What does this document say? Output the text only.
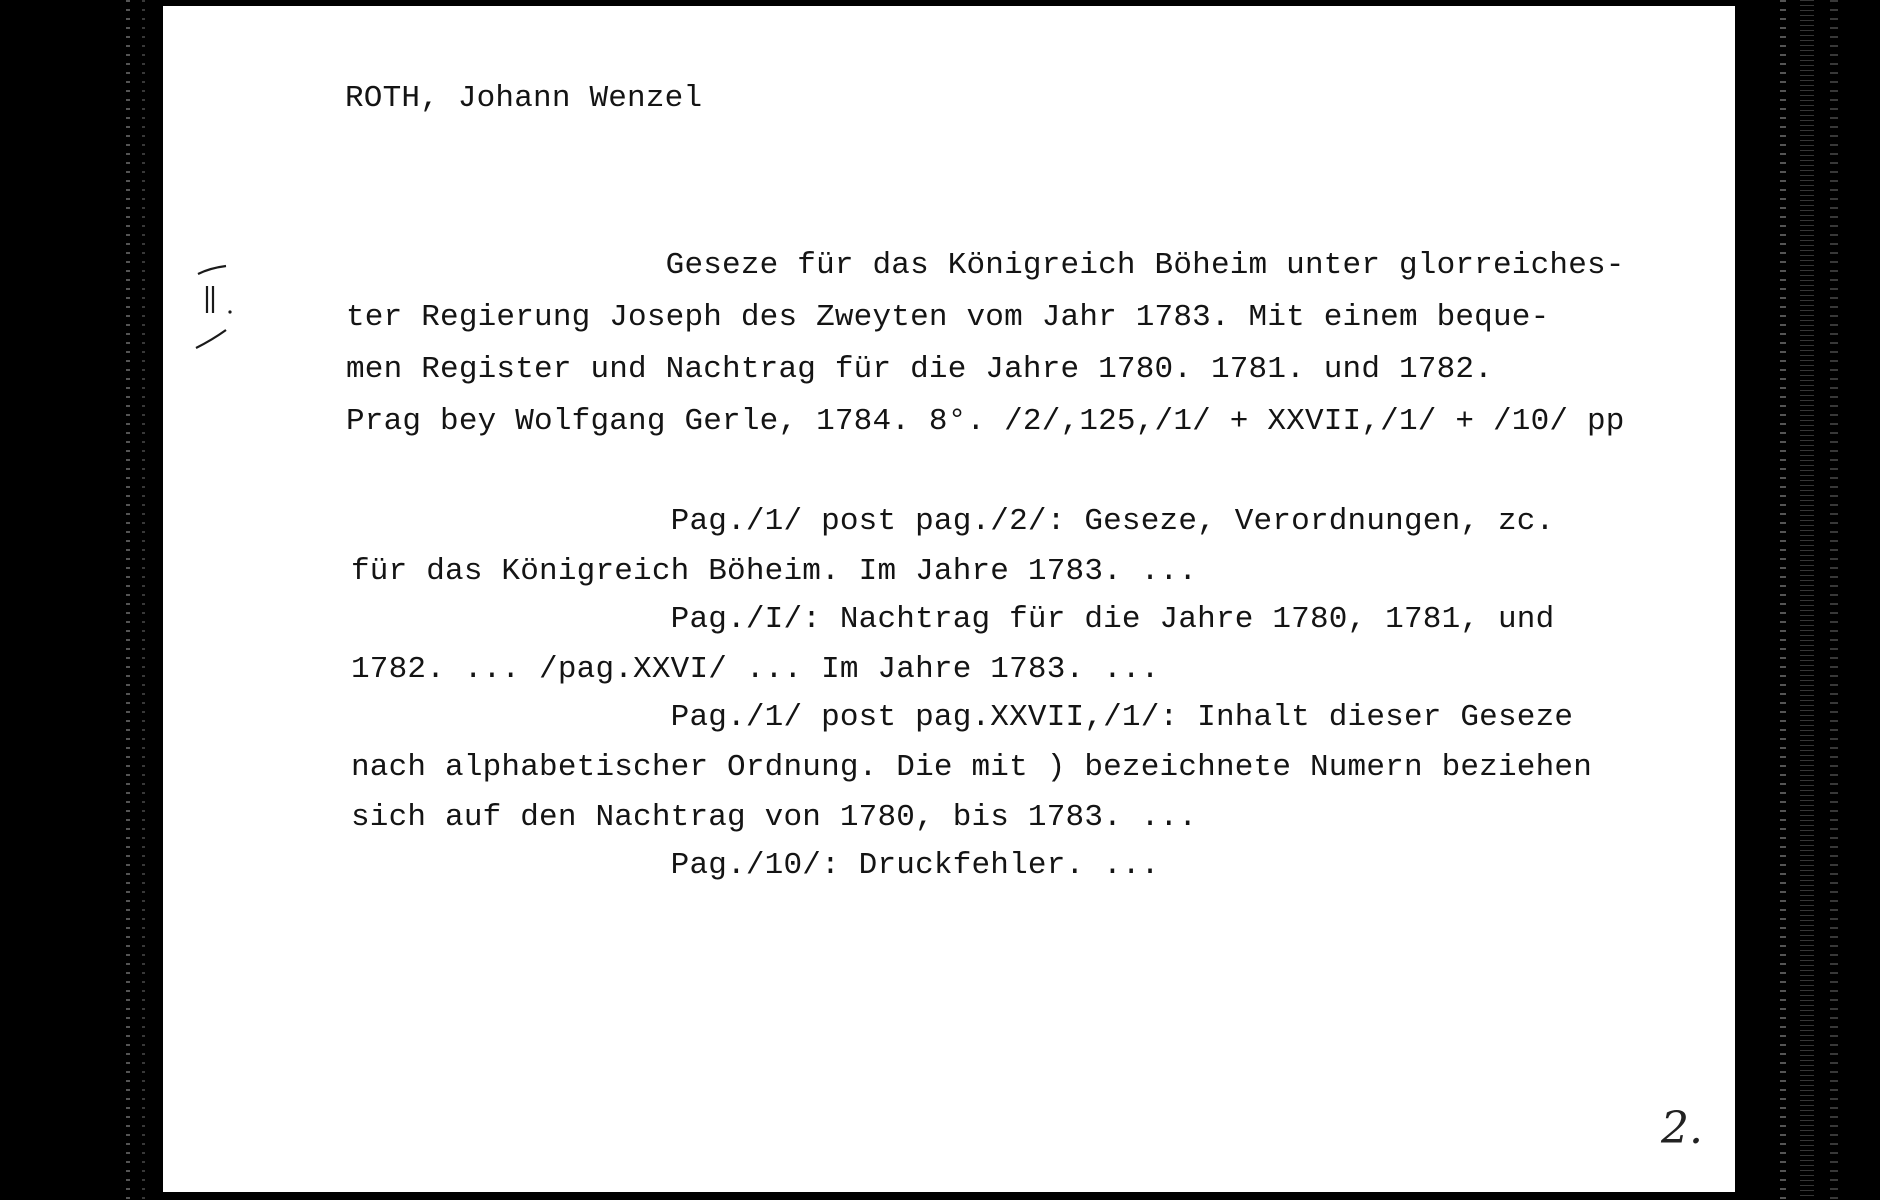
ROTH, Johann Wenzel
Geseze für das Königreich Böheim unter glorreiches-
ter Regierung Joseph des Zweyten vom Jahr 1783. Mit einem beque-
men Register und Nachtrag für die Jahre 1780. 1781. und 1782.
Prag bey Wolfgang Gerle, 1784. 8°. /2/,125,/1/ + XXVII,/1/ + /10/ pp
Pag./1/ post pag./2/: Geseze, Verordnungen, zc.
für das Königreich Böheim. Im Jahre 1783. ...
Pag./I/: Nachtrag für die Jahre 1780, 1781, und
1782. ... /pag.XXVI/ ... Im Jahre 1783. ...
Pag./1/ post pag.XXVII,/1/: Inhalt dieser Geseze
nach alphabetischer Ordnung. Die mit ) bezeichnete Numern beziehen
sich auf den Nachtrag von 1780, bis 1783. ...
Pag./10/: Druckfehler. ...
2.
